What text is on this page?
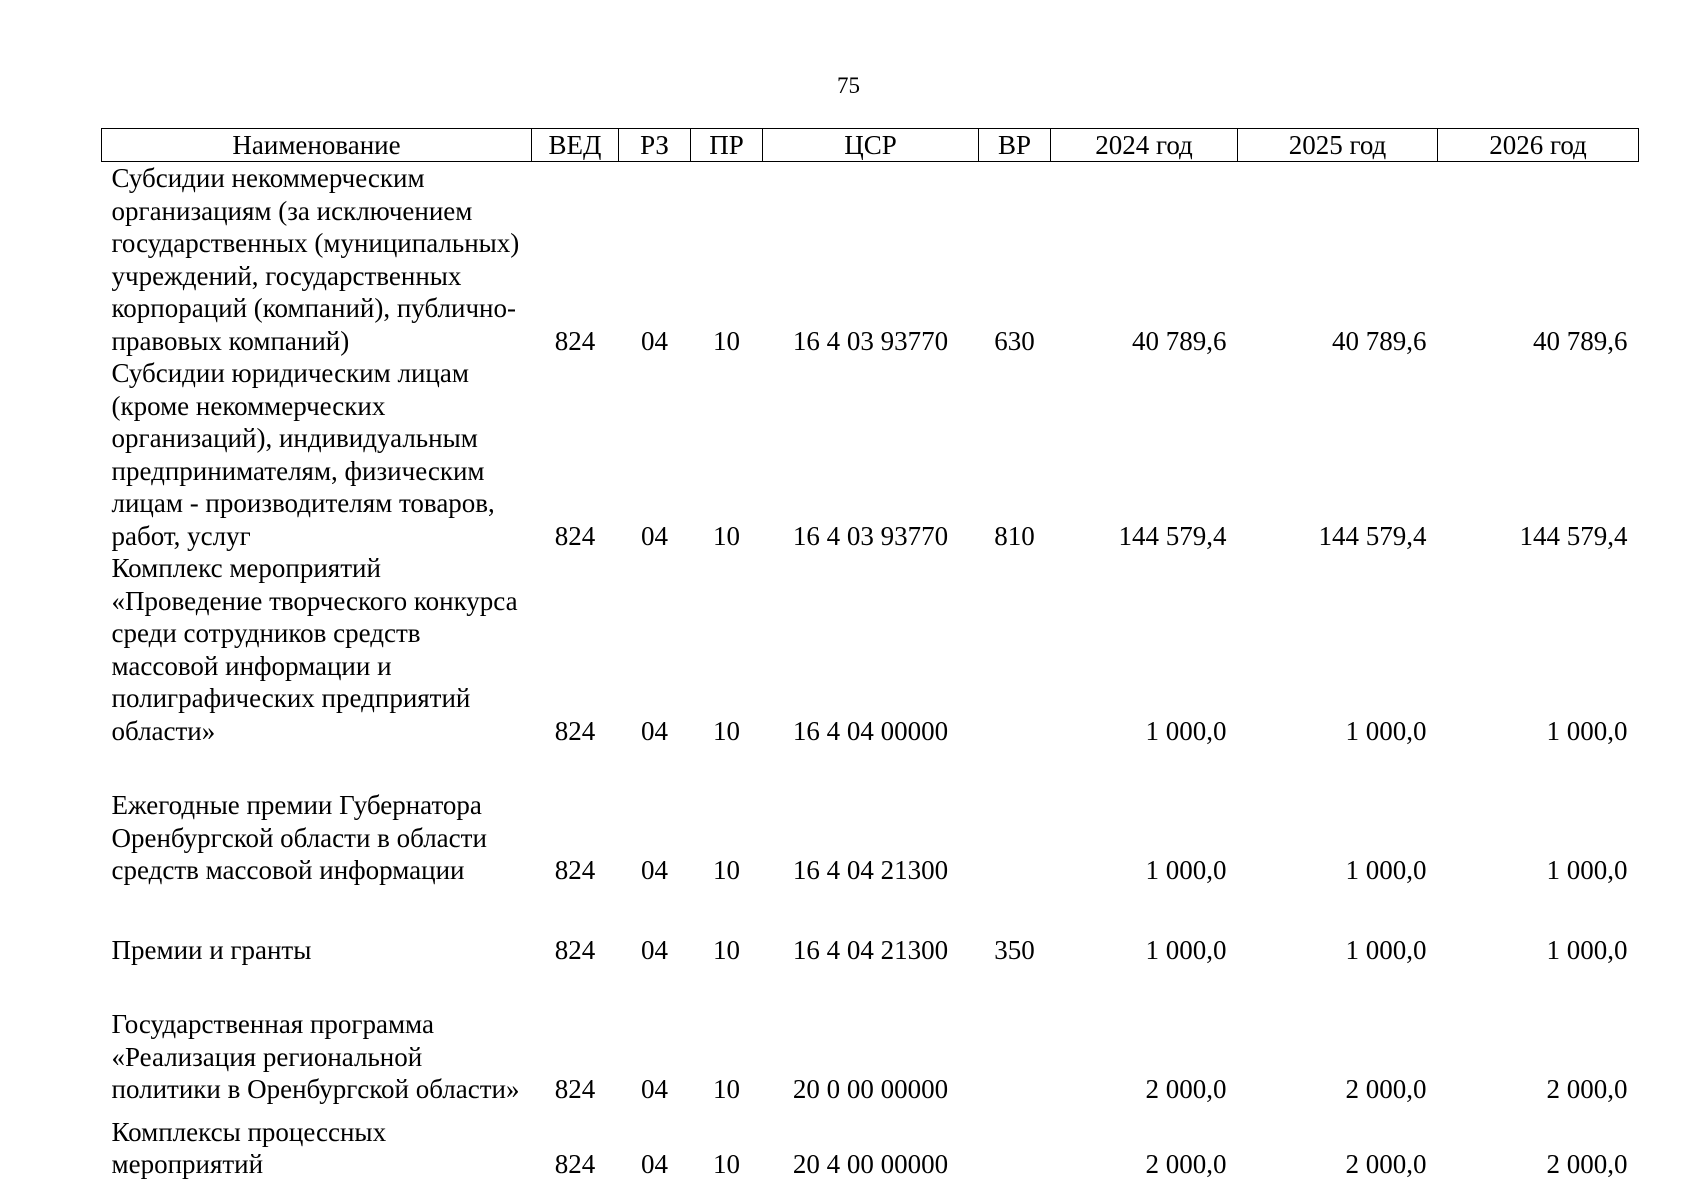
75
Наименование	ВЕД	РЗ	ПР	ЦСР	ВР	2024 год	2025 год	2026 год
Субсидии некоммерческим организациям (за исключением государственных (муниципальных) учреждений, государственных корпораций (компаний), публично-правовых компаний)	824	04	10	16 4 03 93770	630	40 789,6	40 789,6	40 789,6
Субсидии юридическим лицам (кроме некоммерческих организаций), индивидуальным предпринимателям, физическим лицам - производителям товаров, работ, услуг	824	04	10	16 4 03 93770	810	144 579,4	144 579,4	144 579,4
Комплекс мероприятий «Проведение творческого конкурса среди сотрудников средств массовой информации и полиграфических предприятий области»	824	04	10	16 4 04 00000		1 000,0	1 000,0	1 000,0

Ежегодные премии Губернатора Оренбургской области в области средств массовой информации	824	04	10	16 4 04 21300		1 000,0	1 000,0	1 000,0

Премии и гранты	824	04	10	16 4 04 21300	350	1 000,0	1 000,0	1 000,0

Государственная программа «Реализация региональной политики в Оренбургской области»	824	04	10	20 0 00 00000		2 000,0	2 000,0	2 000,0

Комплексы процессных мероприятий	824	04	10	20 4 00 00000		2 000,0	2 000,0	2 000,0
